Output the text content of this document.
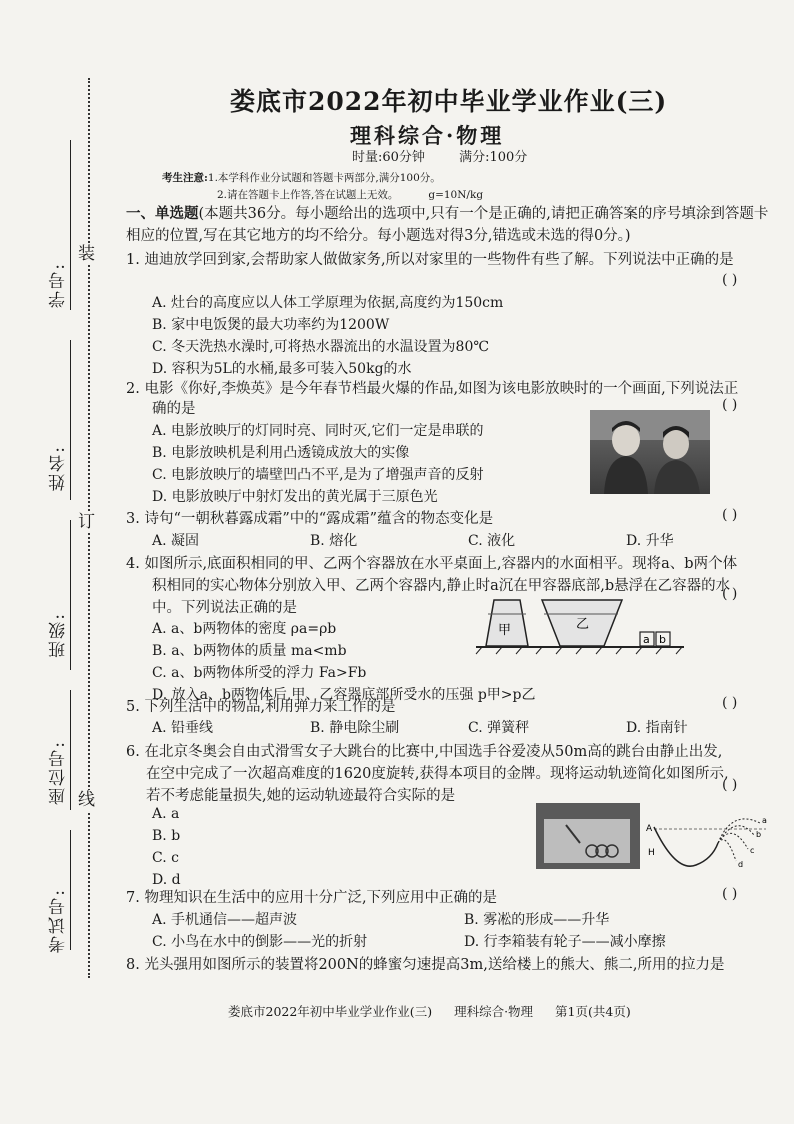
装
订
线
学号:
姓名:
班级:
座位号:
考试号:
娄底市2022年初中毕业学业作业(三)
理科综合·物理
时量:60分钟	满分:100分
考生注意:1.本学科作业分试题和答题卡两部分,满分100分。
2.请在答题卡上作答,答在试题上无效。	g=10N/kg
一、单选题(本题共36分。每小题给出的选项中,只有一个是正确的,请把正确答案的序号填涂到答题卡相应的位置,写在其它地方的均不给分。每小题选对得3分,错选或未选的得0分。)
1. 迪迪放学回到家,会帮助家人做做家务,所以对家里的一些物件有些了解。下列说法中正确的是
( )
A. 灶台的高度应以人体工学原理为依据,高度约为150cm
B. 家中电饭煲的最大功率约为1200W
C. 冬天洗热水澡时,可将热水器流出的水温设置为80℃
D. 容积为5L的水桶,最多可装入50kg的水
2. 电影《你好,李焕英》是今年春节档最火爆的作品,如图为该电影放映时的一个画面,下列说法正
确的是	( )
A. 电影放映厅的灯同时亮、同时灭,它们一定是串联的
B. 电影放映机是利用凸透镜成放大的实像
C. 电影放映厅的墙壁凹凸不平,是为了增强声音的反射
D. 电影放映厅中射灯发出的黄光属于三原色光
3. 诗句“一朝秋暮露成霜”中的“露成霜”蕴含的物态变化是	( )
A. 凝固	B. 熔化	C. 液化	D. 升华
4. 如图所示,底面积相同的甲、乙两个容器放在水平桌面上,容器内的水面相平。现将a、b两个体
积相同的实心物体分别放入甲、乙两个容器内,静止时a沉在甲容器底部,b悬浮在乙容器的水
中。下列说法正确的是
( )
A. a、b两物体的密度 ρa=ρb
B. a、b两物体的质量 ma<mb
C. a、b两物体所受的浮力 Fa>Fb
D. 放入a、b两物体后,甲、乙容器底部所受水的压强 p甲>p乙
甲	乙
a b
5. 下列生活中的物品,利用弹力来工作的是	( )
A. 铅垂线	B. 静电除尘刷	C. 弹簧秤	D. 指南针
6. 在北京冬奥会自由式滑雪女子大跳台的比赛中,中国选手谷爱凌从50m高的跳台由静止出发,
在空中完成了一次超高难度的1620度旋转,获得本项目的金牌。现将运动轨迹简化如图所示,
若不考虑能量损失,她的运动轨迹最符合实际的是
( )
A. a
B. b
C. c
D. d
A
H
a
b
c
d
7. 物理知识在生活中的应用十分广泛,下列应用中正确的是	( )
A. 手机通信——超声波	B. 雾凇的形成——升华
C. 小鸟在水中的倒影——光的折射	D. 行李箱装有轮子——减小摩擦
8. 光头强用如图所示的装置将200N的蜂蜜匀速提高3m,送给楼上的熊大、熊二,所用的拉力是
娄底市2022年初中毕业学业作业(三) 理科综合·物理 第1页(共4页)
